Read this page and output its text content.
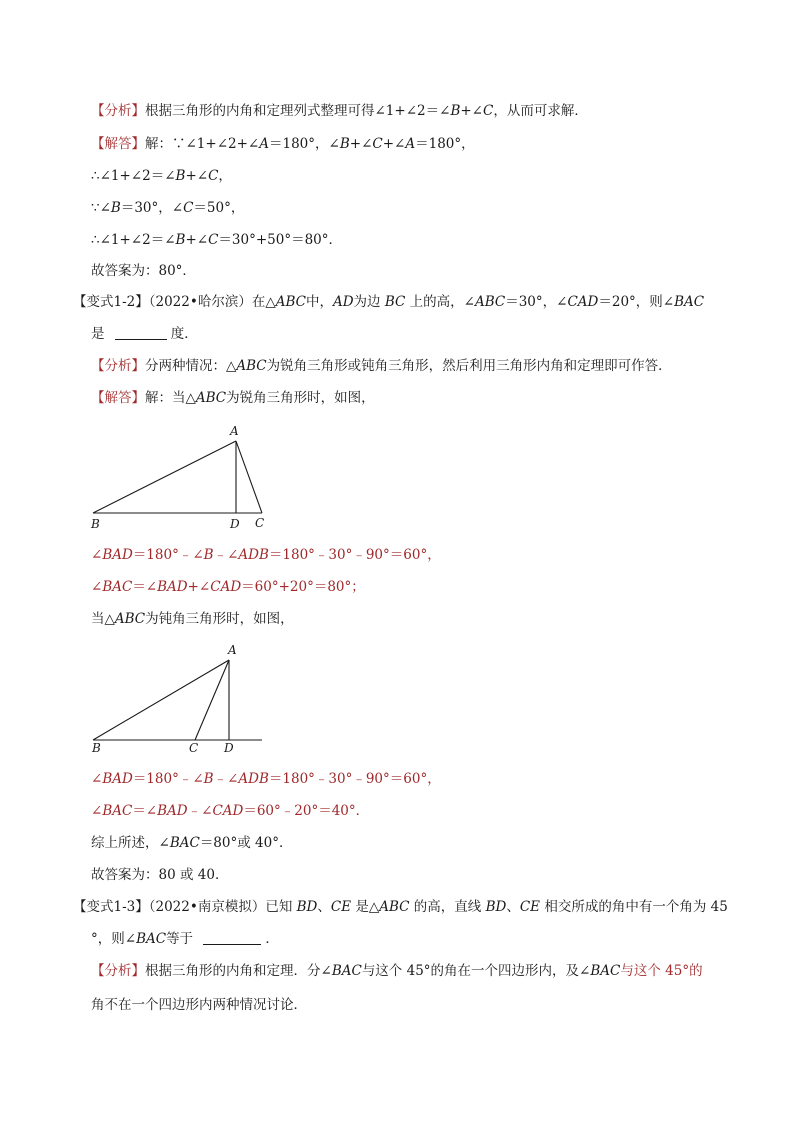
【分析】根据三角形的内角和定理列式整理可得∠1+∠2＝∠B+∠C，从而可求解．
【解答】解：∵∠1+∠2+∠A＝180°，∠B+∠C+∠A＝180°，
∴∠1+∠2＝∠B+∠C，
∵∠B＝30°，∠C＝50°，
∴∠1+∠2＝∠B+∠C＝30°+50°＝80°．
故答案为：80°．
【变式1-2】（2022•哈尔滨）在△ABC中，AD为边 BC 上的高，∠ABC＝30°，∠CAD＝20°，则∠BAC
是	度．
【分析】分两种情况：△ABC为锐角三角形或钝角三角形，然后利用三角形内角和定理即可作答．
【解答】解：当△ABC为锐角三角形时，如图，
A
B	D C
A
B	C D
∠BAD＝180°﹣∠B﹣∠ADB＝180°﹣30°﹣90°＝60°，
∠BAC＝∠BAD+∠CAD＝60°+20°＝80°；
当△ABC为钝角三角形时，如图，
∠BAD＝180°﹣∠B﹣∠ADB＝180°﹣30°﹣90°＝60°，
∠BAC＝∠BAD﹣∠CAD＝60°﹣20°＝40°．
综上所述，∠BAC＝80°或 40°．
故答案为：80 或 40．
【变式1-3】（2022•南京模拟）已知 BD、CE 是△ABC 的高，直线 BD、CE 相交所成的角中有一个角为 45
°，则∠BAC等于	．
【分析】根据三角形的内角和定理．分∠BAC与这个 45°的角在一个四边形内，及∠BAC与这个 45°的
角不在一个四边形内两种情况讨论．
